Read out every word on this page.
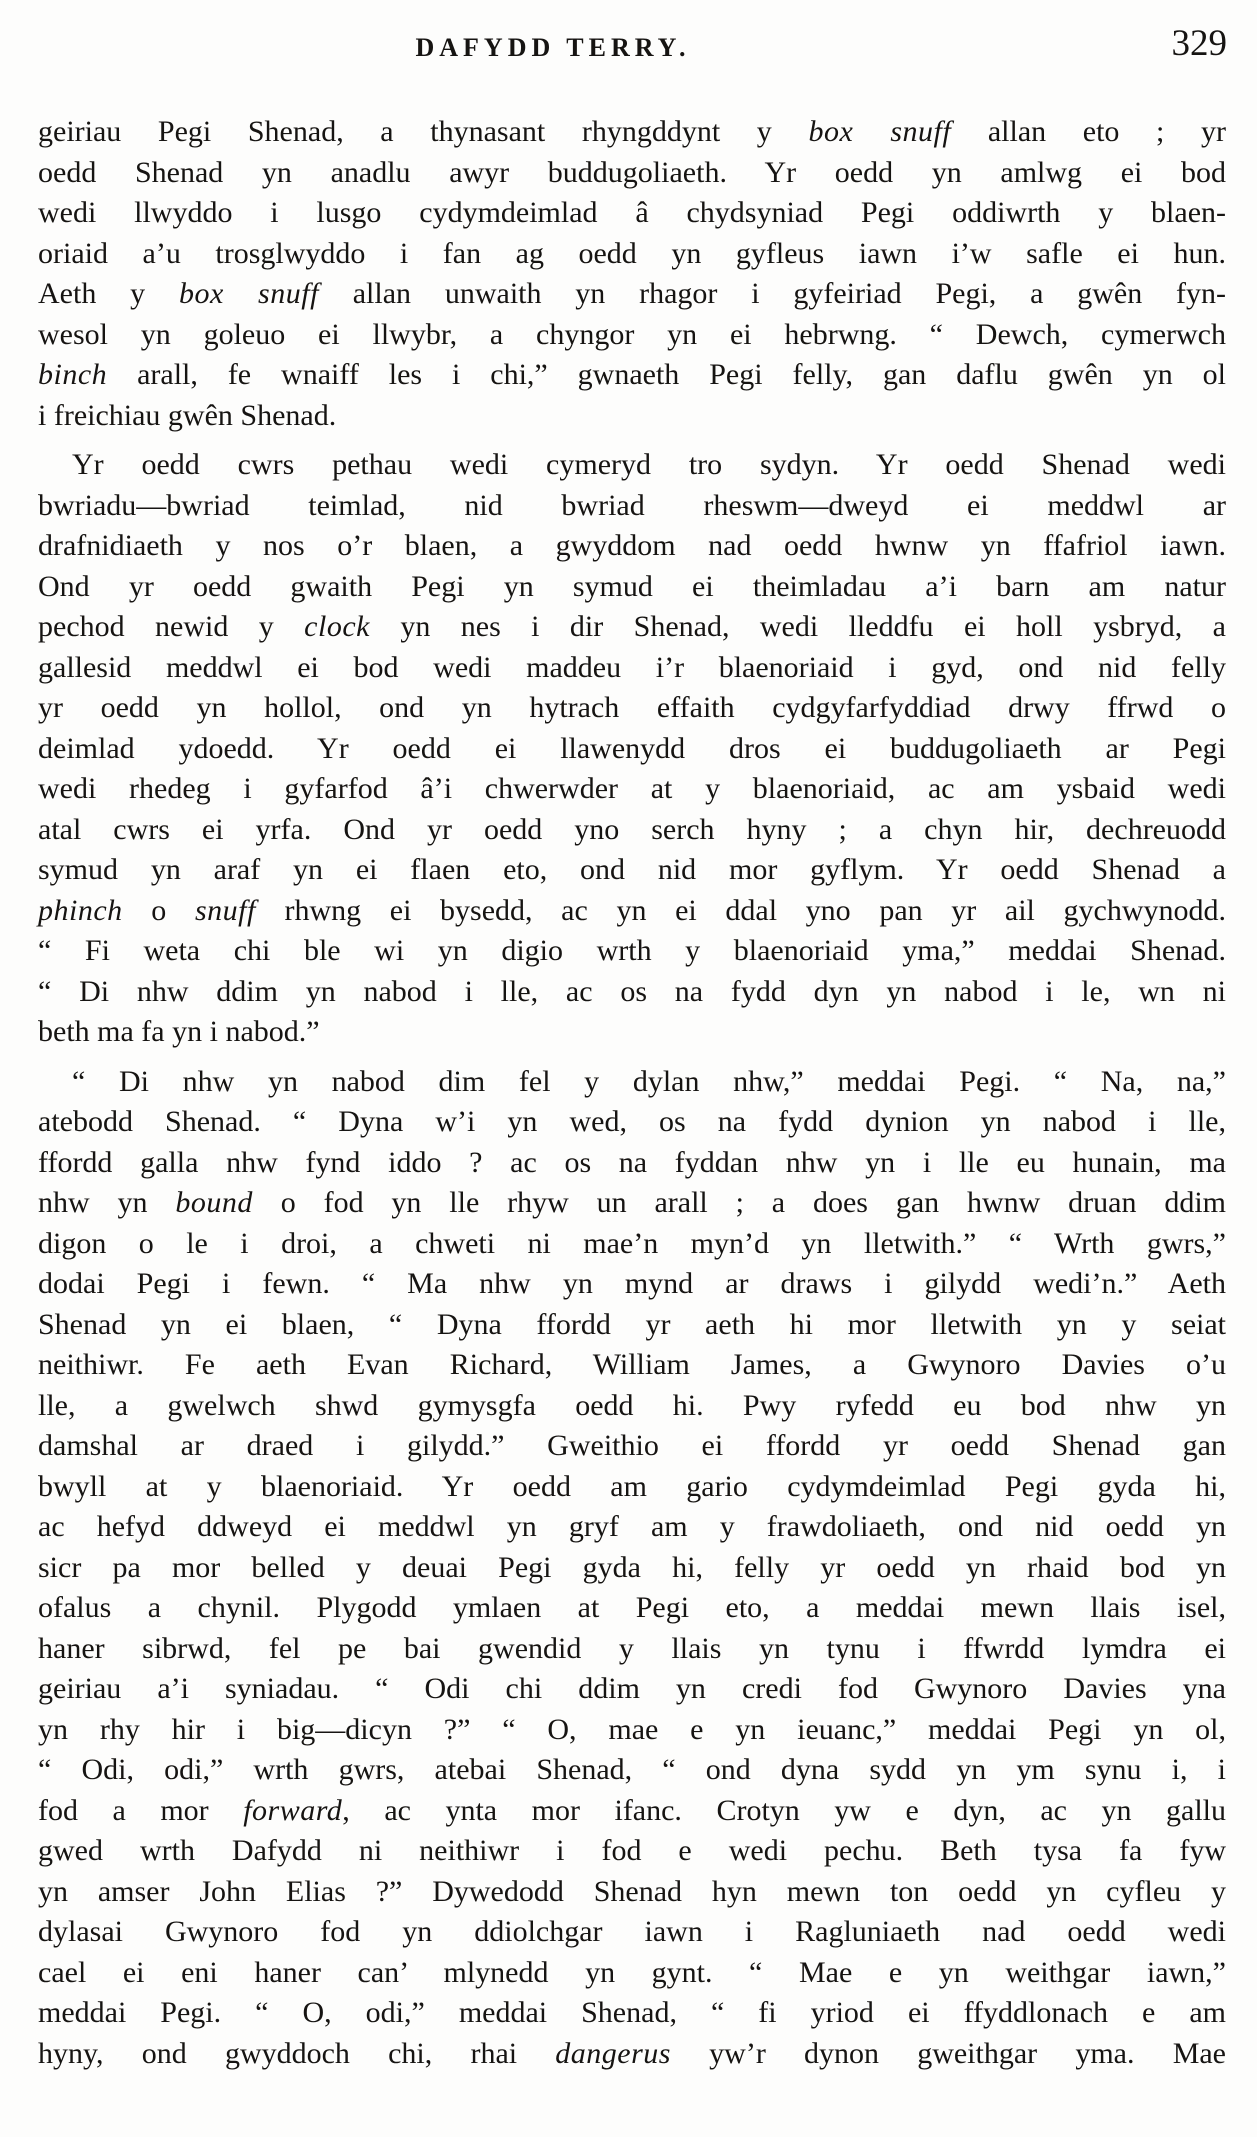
DAFYDD TERRY.	329
geiriau Pegi Shenad, a thynasant rhyngddynt y box snuff allan eto ; yr
oedd Shenad yn anadlu awyr buddugoliaeth. Yr oedd yn amlwg ei bod
wedi llwyddo i lusgo cydymdeimlad â chydsyniad Pegi oddiwrth y blaen-
oriaid a’u trosglwyddo i fan ag oedd yn gyfleus iawn i’w safle ei hun.
Aeth y box snuff allan unwaith yn rhagor i gyfeiriad Pegi, a gwên fyn-
wesol yn goleuo ei llwybr, a chyngor yn ei hebrwng. “ Dewch, cymerwch
binch arall, fe wnaiff les i chi,” gwnaeth Pegi felly, gan daflu gwên yn ol
i freichiau gwên Shenad.
Yr oedd cwrs pethau wedi cymeryd tro sydyn. Yr oedd Shenad wedi
bwriadu—bwriad teimlad, nid bwriad rheswm—dweyd ei meddwl ar
drafnidiaeth y nos o’r blaen, a gwyddom nad oedd hwnw yn ffafriol iawn.
Ond yr oedd gwaith Pegi yn symud ei theimladau a’i barn am natur
pechod newid y clock yn nes i dir Shenad, wedi lleddfu ei holl ysbryd, a
gallesid meddwl ei bod wedi maddeu i’r blaenoriaid i gyd, ond nid felly
yr oedd yn hollol, ond yn hytrach effaith cydgyfarfyddiad drwy ffrwd o
deimlad ydoedd. Yr oedd ei llawenydd dros ei buddugoliaeth ar Pegi
wedi rhedeg i gyfarfod â’i chwerwder at y blaenoriaid, ac am ysbaid wedi
atal cwrs ei yrfa. Ond yr oedd yno serch hyny ; a chyn hir, dechreuodd
symud yn araf yn ei flaen eto, ond nid mor gyflym. Yr oedd Shenad a
phinch o snuff rhwng ei bysedd, ac yn ei ddal yno pan yr ail gychwynodd.
“ Fi weta chi ble wi yn digio wrth y blaenoriaid yma,” meddai Shenad.
“ Di nhw ddim yn nabod i lle, ac os na fydd dyn yn nabod i le, wn ni
beth ma fa yn i nabod.”
“ Di nhw yn nabod dim fel y dylan nhw,” meddai Pegi. “ Na, na,”
atebodd Shenad. “ Dyna w’i yn wed, os na fydd dynion yn nabod i lle,
ffordd galla nhw fynd iddo ? ac os na fyddan nhw yn i lle eu hunain, ma
nhw yn bound o fod yn lle rhyw un arall ; a does gan hwnw druan ddim
digon o le i droi, a chweti ni mae’n myn’d yn lletwith.” “ Wrth gwrs,”
dodai Pegi i fewn. “ Ma nhw yn mynd ar draws i gilydd wedi’n.” Aeth
Shenad yn ei blaen, “ Dyna ffordd yr aeth hi mor lletwith yn y seiat
neithiwr. Fe aeth Evan Richard, William James, a Gwynoro Davies o’u
lle, a gwelwch shwd gymysgfa oedd hi. Pwy ryfedd eu bod nhw yn
damshal ar draed i gilydd.” Gweithio ei ffordd yr oedd Shenad gan
bwyll at y blaenoriaid. Yr oedd am gario cydymdeimlad Pegi gyda hi,
ac hefyd ddweyd ei meddwl yn gryf am y frawdoliaeth, ond nid oedd yn
sicr pa mor belled y deuai Pegi gyda hi, felly yr oedd yn rhaid bod yn
ofalus a chynil. Plygodd ymlaen at Pegi eto, a meddai mewn llais isel,
haner sibrwd, fel pe bai gwendid y llais yn tynu i ffwrdd lymdra ei
geiriau a’i syniadau. “ Odi chi ddim yn credi fod Gwynoro Davies yna
yn rhy hir i big—dicyn ?” “ O, mae e yn ieuanc,” meddai Pegi yn ol,
“ Odi, odi,” wrth gwrs, atebai Shenad, “ ond dyna sydd yn ym synu i, i
fod a mor forward, ac ynta mor ifanc. Crotyn yw e dyn, ac yn gallu
gwed wrth Dafydd ni neithiwr i fod e wedi pechu. Beth tysa fa fyw
yn amser John Elias ?” Dywedodd Shenad hyn mewn ton oedd yn cyfleu y
dylasai Gwynoro fod yn ddiolchgar iawn i Ragluniaeth nad oedd wedi
cael ei eni haner can’ mlynedd yn gynt. “ Mae e yn weithgar iawn,”
meddai Pegi. “ O, odi,” meddai Shenad, “ fi yriod ei ffyddlonach e am
hyny, ond gwyddoch chi, rhai dangerus yw’r dynon gweithgar yma. Mae
